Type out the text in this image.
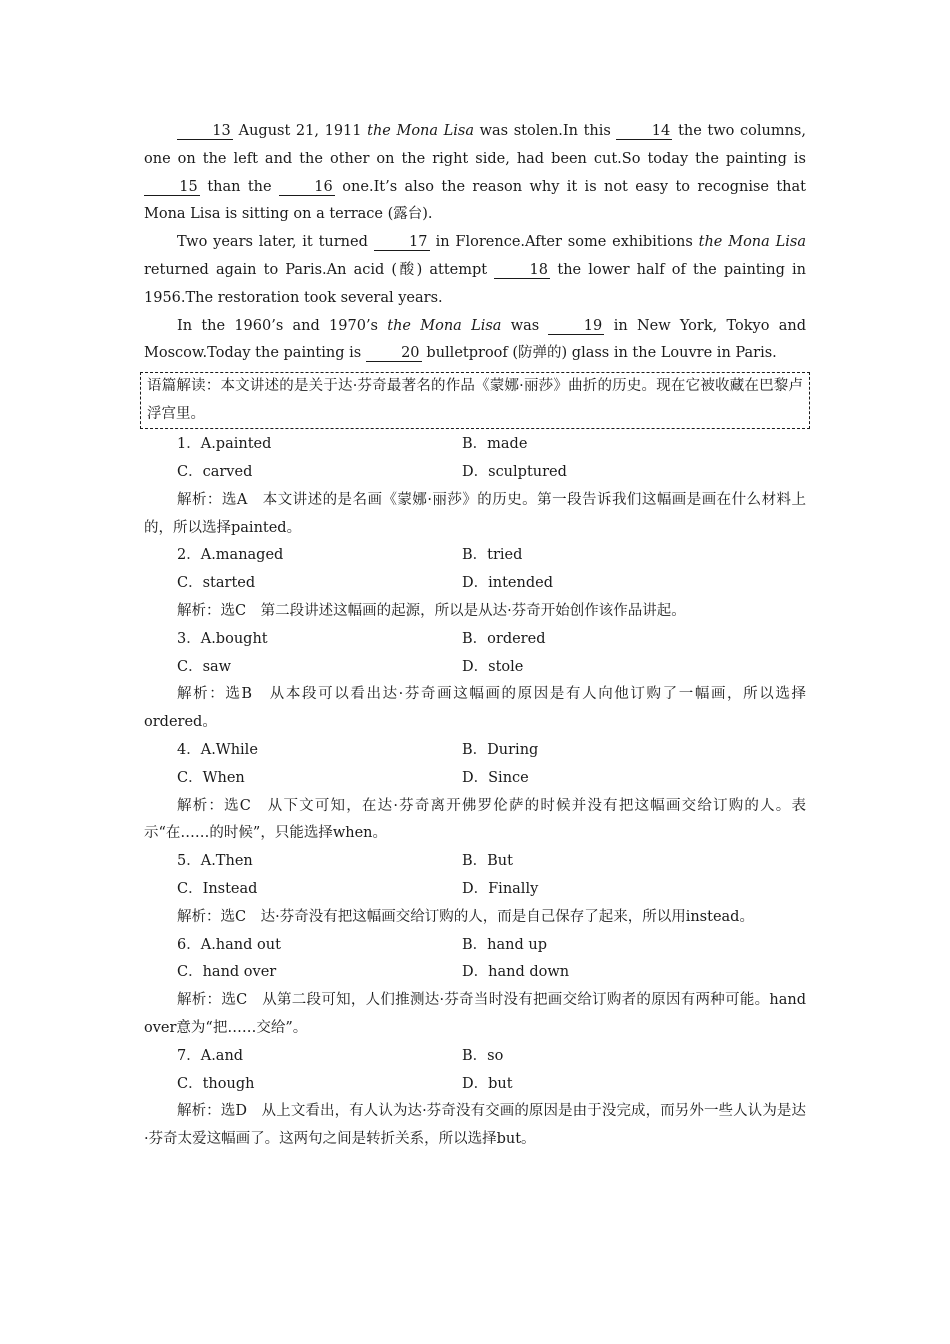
13 August 21, 1911 the Mona Lisa was stolen.In this 14 the two columns, one on the left and the other on the right side, had been cut.So today the painting is 15 than the 16 one.It’s also the reason why it is not easy to recognise that Mona Lisa is sitting on a terrace (露台).

Two years later, it turned 17 in Florence.After some exhibitions the Mona Lisa returned again to Paris.An acid (酸) attempt 18 the lower half of the painting in 1956.The restoration took several years.

In the 1960’s and 1970’s the Mona Lisa was 19 in New York, Tokyo and Moscow.Today the painting is 20 bulletproof (防弹的) glass in the Louvre in Paris.

语篇解读：本文讲述的是关于达·芬奇最著名的作品《蒙娜·丽莎》曲折的历史。现在它被收藏在巴黎卢浮宫里。

1．A.painted	B．made
C．carved	D．sculptured

解析：选A　本文讲述的是名画《蒙娜·丽莎》的历史。第一段告诉我们这幅画是画在什么材料上的，所以选择painted。

2．A.managed	B．tried
C．started	D．intended

解析：选C　第二段讲述这幅画的起源，所以是从达·芬奇开始创作该作品讲起。

3．A.bought	B．ordered
C．saw	D．stole

解析：选B　从本段可以看出达·芬奇画这幅画的原因是有人向他订购了一幅画，所以选择ordered。

4．A.While	B．During
C．When	D．Since

解析：选C　从下文可知，在达·芬奇离开佛罗伦萨的时候并没有把这幅画交给订购的人。表示“在……的时候”，只能选择when。

5．A.Then	B．But
C．Instead	D．Finally

解析：选C　达·芬奇没有把这幅画交给订购的人，而是自己保存了起来，所以用instead。

6．A.hand out	B．hand up
C．hand over	D．hand down

解析：选C　从第二段可知，人们推测达·芬奇当时没有把画交给订购者的原因有两种可能。hand over意为“把……交给”。

7．A.and	B．so
C．though	D．but

解析：选D　从上文看出，有人认为达·芬奇没有交画的原因是由于没完成，而另外一些人认为是达·芬奇太爱这幅画了。这两句之间是转折关系，所以选择but。
